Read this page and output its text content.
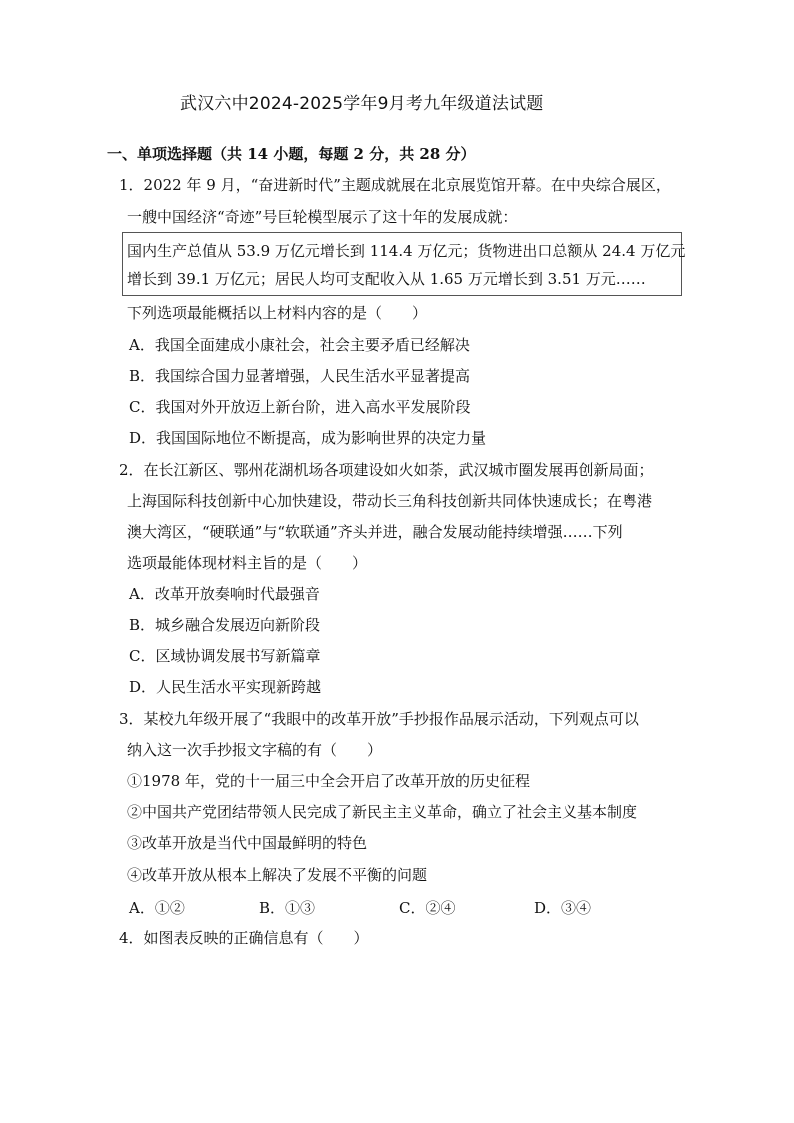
武汉六中2024-2025学年9月考九年级道法试题
一、单项选择题（共 14 小题，每题 2 分，共 28 分）
1．2022 年 9 月，“奋进新时代”主题成就展在北京展览馆开幕。在中央综合展区，
一艘中国经济“奇迹”号巨轮模型展示了这十年的发展成就：
国内生产总值从 53.9 万亿元增长到 114.4 万亿元；货物进出口总额从 24.4 万亿元
增长到 39.1 万亿元；居民人均可支配收入从 1.65 万元增长到 3.51 万元……
下列选项最能概括以上材料内容的是（　　）
A．我国全面建成小康社会，社会主要矛盾已经解决
B．我国综合国力显著增强，人民生活水平显著提高
C．我国对外开放迈上新台阶，进入高水平发展阶段
D．我国国际地位不断提高，成为影响世界的决定力量
2．在长江新区、鄂州花湖机场各项建设如火如荼，武汉城市圈发展再创新局面；
上海国际科技创新中心加快建设，带动长三角科技创新共同体快速成长；在粤港
澳大湾区，“硬联通”与“软联通”齐头并进，融合发展动能持续增强……下列
选项最能体现材料主旨的是（　　）
A．改革开放奏响时代最强音
B．城乡融合发展迈向新阶段
C．区域协调发展书写新篇章
D．人民生活水平实现新跨越
3．某校九年级开展了“我眼中的改革开放”手抄报作品展示活动，下列观点可以
纳入这一次手抄报文字稿的有（　　）
①1978 年，党的十一届三中全会开启了改革开放的历史征程
②中国共产党团结带领人民完成了新民主主义革命，确立了社会主义基本制度
③改革开放是当代中国最鲜明的特色
④改革开放从根本上解决了发展不平衡的问题
A．①②	B．①③	C．②④	D．③④
4．如图表反映的正确信息有（　　）
